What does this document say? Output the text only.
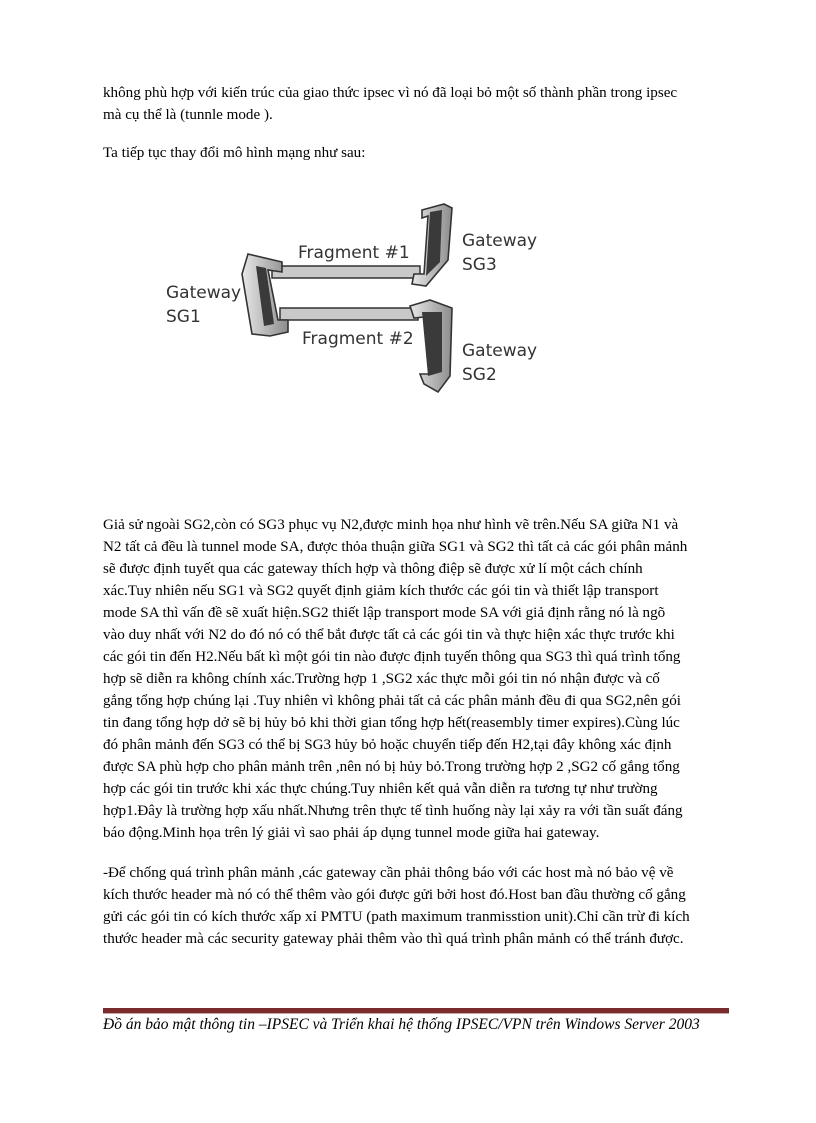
không phù hợp với kiến trúc của giao thức ipsec vì nó đã loại bỏ một số thành phần trong ipsec
mà cụ thể là (tunnle mode ).

Ta tiếp tục thay đổi mô hình mạng như sau:

Fragment #1
Fragment #2
Gateway
SG1
Gateway
SG3
Gateway
SG2
Giả sử ngoài SG2,còn có SG3 phục vụ N2,được minh họa như hình vẽ trên.Nếu SA giữa N1 và
N2 tất cả đều là tunnel mode SA, được thỏa thuận giữa SG1 và SG2 thì tất cả các gói phân mảnh
sẽ được định tuyết qua các gateway thích hợp và thông điệp sẽ được xử lí một cách chính
xác.Tuy nhiên nếu SG1 và SG2 quyết định giảm kích thước các gói tin và thiết lập transport
mode SA thì vấn đề sẽ xuất hiện.SG2 thiết lập transport mode SA với giả định rằng nó là ngõ
vào duy nhất với N2 do đó nó có thể bắt được tất cả các gói tin và thực hiện xác thực trước khi
các gói tin đến H2.Nếu bất kì một gói tin nào được định tuyến thông qua SG3 thì quá trình tổng
hợp sẽ diễn ra không chính xác.Trường hợp 1 ,SG2 xác thực mỗi gói tin nó nhận được và cố
gắng tổng hợp chúng lại .Tuy nhiên vì không phải tất cả các phân mảnh đều đi qua SG2,nên gói
tin đang tổng hợp dở sẽ bị hủy bỏ khi thời gian tổng hợp hết(reasembly timer expires).Cùng lúc
đó phân mảnh đến SG3 có thể bị SG3 hủy bỏ hoặc chuyển tiếp đến H2,tại đây không xác định
được SA phù hợp cho phân mảnh trên ,nên nó bị hủy bỏ.Trong trường hợp 2 ,SG2 cố gắng tổng
hợp các gói tin trước khi xác thực chúng.Tuy nhiên kết quả vẫn diễn ra tương tự như trường
hợp1.Đây là trường hợp xấu nhất.Nhưng trên thực tế tình huống này lại xảy ra với tần suất đáng
báo động.Minh họa trên lý giải vì sao phải áp dụng tunnel mode giữa hai gateway.
-Để chống quá trình phân mảnh ,các gateway cần phải thông báo với các host mà nó bảo vệ về
kích thước header mà nó có thể thêm vào gói được gửi bởi host đó.Host ban đầu thường cố gắng
gửi các gói tin có kích thước xấp xỉ PMTU (path maximum tranmisstion unit).Chỉ cần trừ đi kích
thước header mà các security gateway phải thêm vào thì quá trình phân mảnh có thể tránh được.
Đồ án bảo mật thông tin –IPSEC và Triển khai hệ thống IPSEC/VPN trên Windows Server 2003
